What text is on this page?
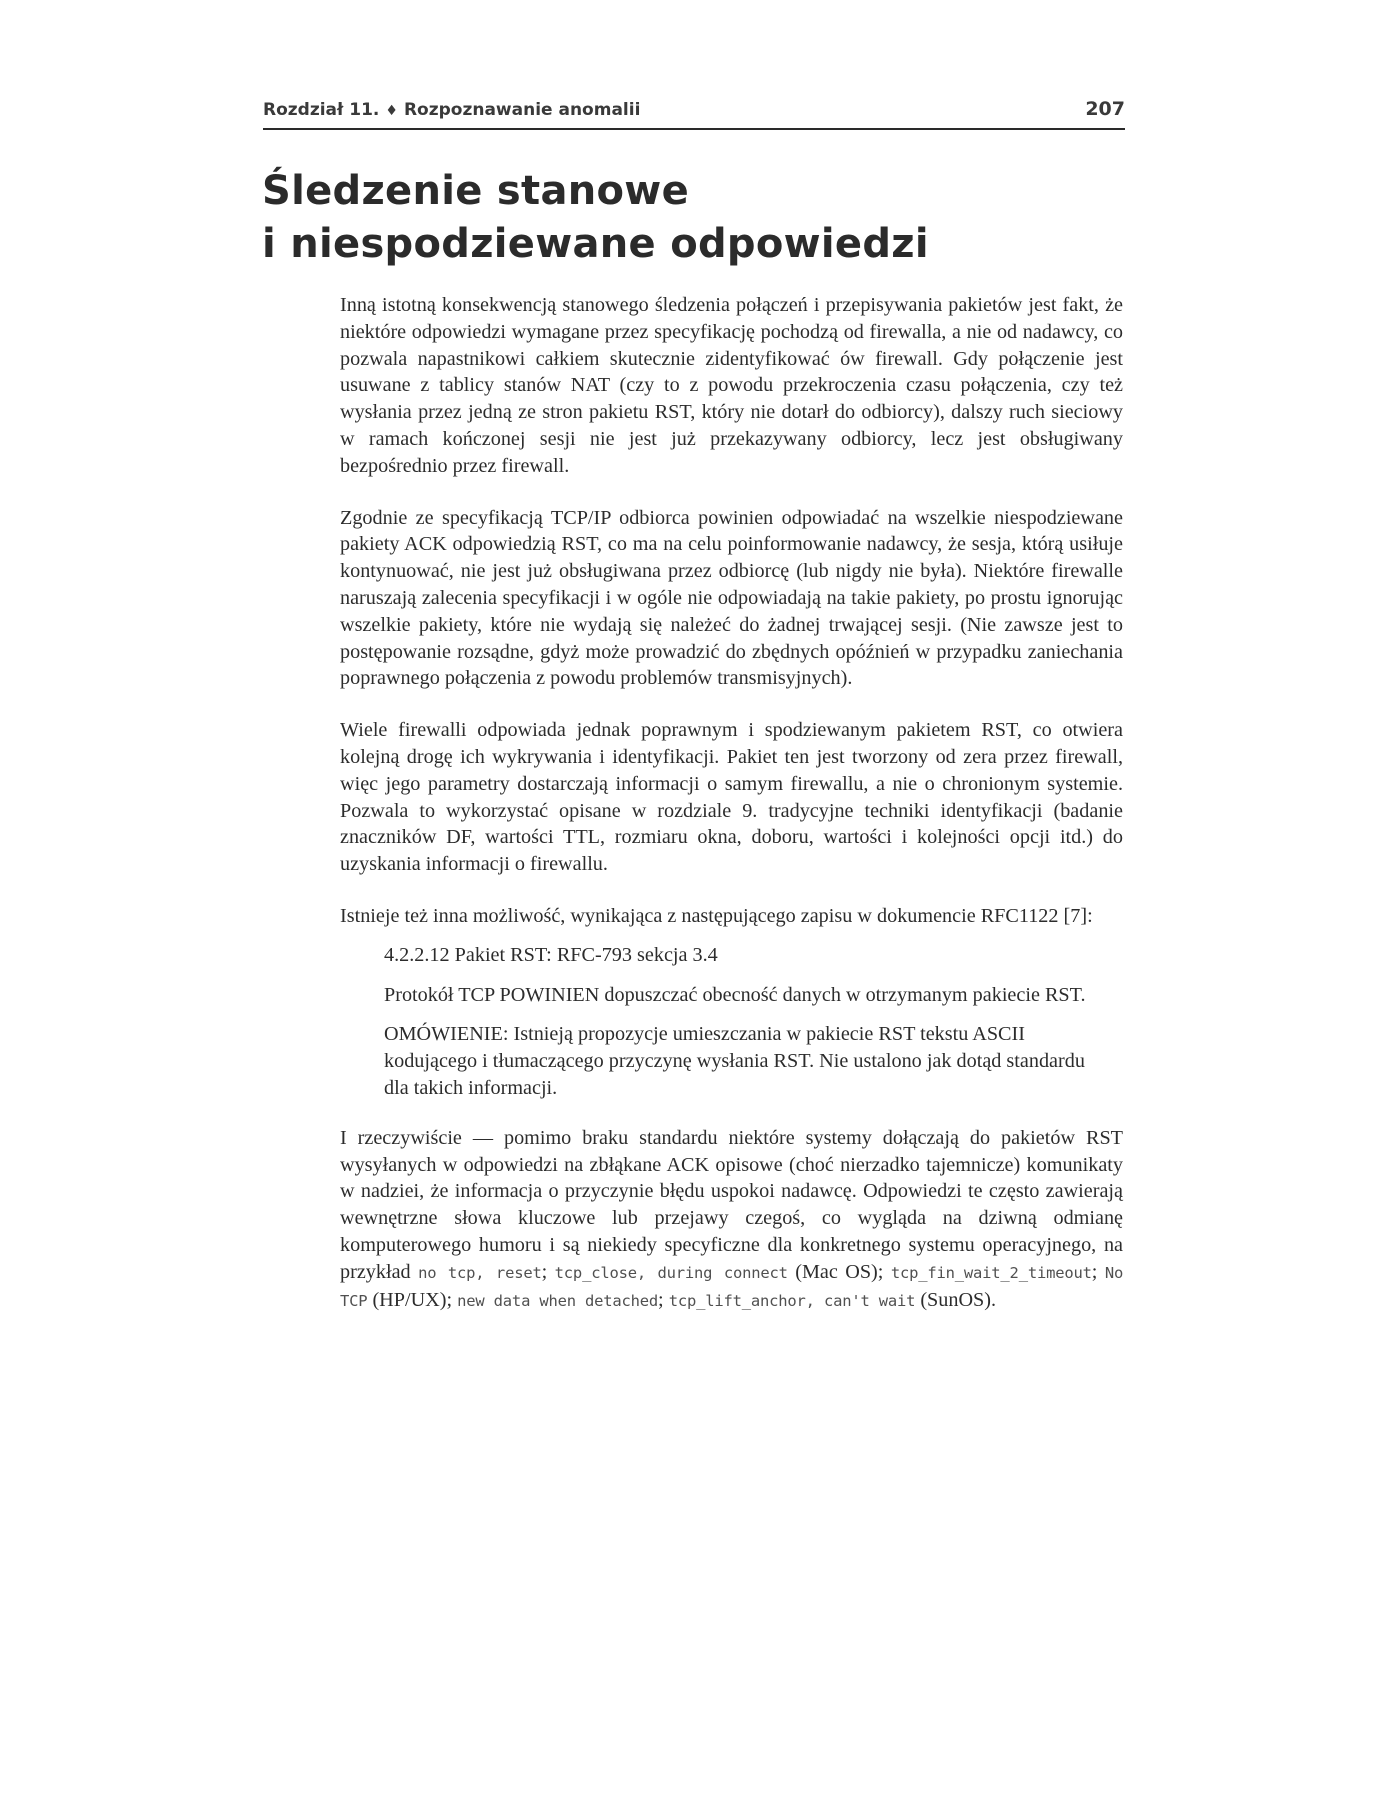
Rozdział 11. ♦ Rozpoznawanie anomalii	207
Śledzenie stanowe
i niespodziewane odpowiedzi

Inną istotną konsekwencją stanowego śledzenia połączeń i przepisywania pakietów jest fakt, że niektóre odpowiedzi wymagane przez specyfikację pochodzą od firewalla, a nie od nadawcy, co pozwala napastnikowi całkiem skutecznie zidentyfikować ów firewall. Gdy połączenie jest usuwane z tablicy stanów NAT (czy to z powodu przekroczenia czasu połączenia, czy też wysłania przez jedną ze stron pakietu RST, który nie dotarł do odbiorcy), dalszy ruch sieciowy w ramach kończonej sesji nie jest już przekazywany odbiorcy, lecz jest obsługiwany bezpośrednio przez firewall.

Zgodnie ze specyfikacją TCP/IP odbiorca powinien odpowiadać na wszelkie niespodziewane pakiety ACK odpowiedzią RST, co ma na celu poinformowanie nadawcy, że sesja, którą usiłuje kontynuować, nie jest już obsługiwana przez odbiorcę (lub nigdy nie była). Niektóre firewalle naruszają zalecenia specyfikacji i w ogóle nie odpowiadają na takie pakiety, po prostu ignorując wszelkie pakiety, które nie wydają się należeć do żadnej trwającej sesji. (Nie zawsze jest to postępowanie rozsądne, gdyż może prowadzić do zbędnych opóźnień w przypadku zaniechania poprawnego połączenia z powodu problemów transmisyjnych).

Wiele firewalli odpowiada jednak poprawnym i spodziewanym pakietem RST, co otwiera kolejną drogę ich wykrywania i identyfikacji. Pakiet ten jest tworzony od zera przez firewall, więc jego parametry dostarczają informacji o samym firewallu, a nie o chronionym systemie. Pozwala to wykorzystać opisane w rozdziale 9. tradycyjne techniki identyfikacji (badanie znaczników DF, wartości TTL, rozmiaru okna, doboru, wartości i kolejności opcji itd.) do uzyskania informacji o firewallu.

Istnieje też inna możliwość, wynikająca z następującego zapisu w dokumencie RFC1122 [7]:

4.2.2.12 Pakiet RST: RFC-793 sekcja 3.4

Protokół TCP POWINIEN dopuszczać obecność danych w otrzymanym pakiecie RST.

OMÓWIENIE: Istnieją propozycje umieszczania w pakiecie RST tekstu ASCII kodującego i tłumaczącego przyczynę wysłania RST. Nie ustalono jak dotąd standardu dla takich informacji.

I rzeczywiście — pomimo braku standardu niektóre systemy dołączają do pakietów RST wysyłanych w odpowiedzi na zbłąkane ACK opisowe (choć nierzadko tajemnicze) komunikaty w nadziei, że informacja o przyczynie błędu uspokoi nadawcę. Odpowiedzi te często zawierają wewnętrzne słowa kluczowe lub przejawy czegoś, co wygląda na dziwną odmianę komputerowego humoru i są niekiedy specyficzne dla konkretnego systemu operacyjnego, na przykład no tcp, reset; tcp_close, during connect (Mac OS); tcp_fin_wait_2_timeout; No TCP (HP/UX); new data when detached; tcp_lift_anchor, can't wait (SunOS).
